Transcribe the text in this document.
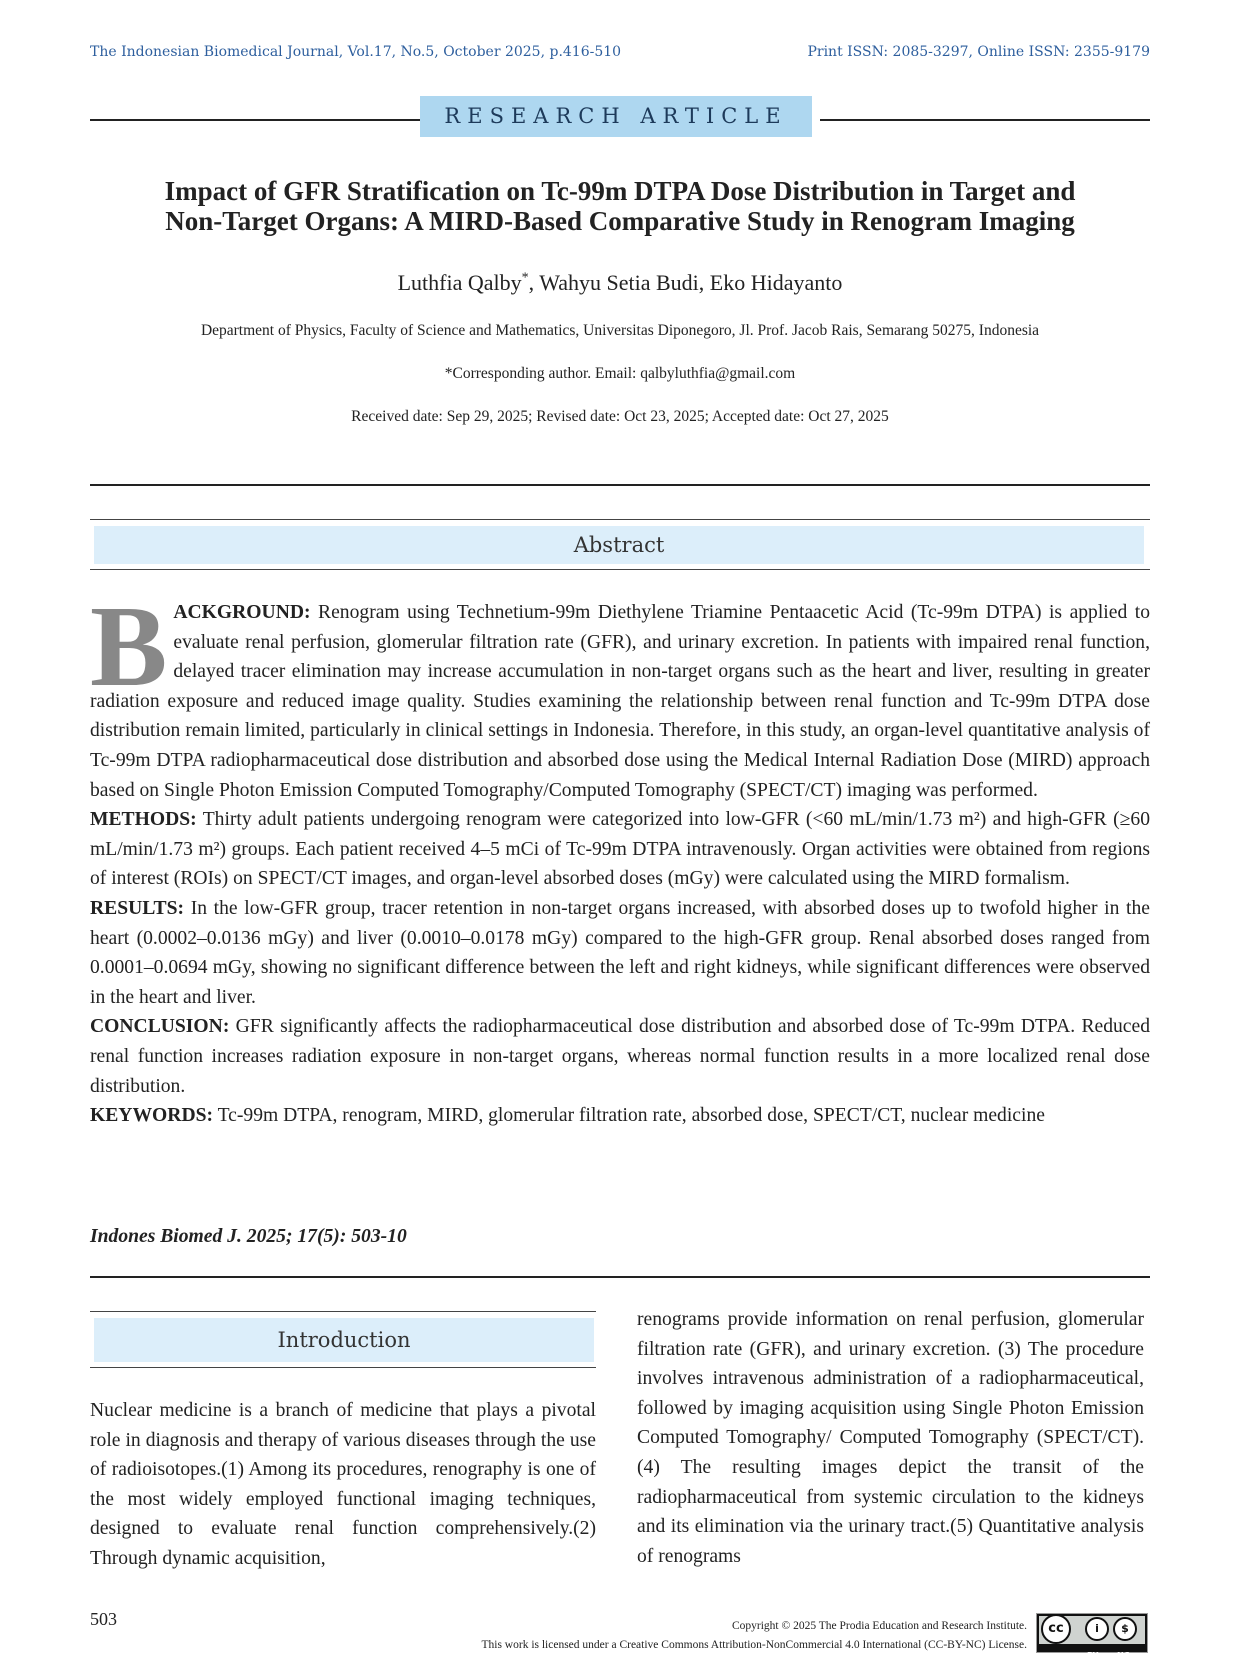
The Indonesian Biomedical Journal, Vol.17, No.5, October 2025, p.416-510	Print ISSN: 2085-3297, Online ISSN: 2355-9179
RESEARCH ARTICLE
Impact of GFR Stratification on Tc-99m DTPA Dose Distribution in Target and
Non-Target Organs: A MIRD-Based Comparative Study in Renogram Imaging
Luthfia Qalby*, Wahyu Setia Budi, Eko Hidayanto
Department of Physics, Faculty of Science and Mathematics, Universitas Diponegoro, Jl. Prof. Jacob Rais, Semarang 50275, Indonesia
*Corresponding author. Email: qalbyluthfia@gmail.com
Received date: Sep 29, 2025; Revised date: Oct 23, 2025; Accepted date: Oct 27, 2025
Abstract

BACKGROUND: Renogram using Technetium-99m Diethylene Triamine Pentaacetic Acid (Tc-99m DTPA) is applied to evaluate renal perfusion, glomerular filtration rate (GFR), and urinary excretion. In patients with impaired renal function, delayed tracer elimination may increase accumulation in non-target organs such as the heart and liver, resulting in greater radiation exposure and reduced image quality. Studies examining the relationship between renal function and Tc-99m DTPA dose distribution remain limited, particularly in clinical settings in Indonesia. Therefore, in this study, an organ-level quantitative analysis of Tc-99m DTPA radiopharmaceutical dose distribution and absorbed dose using the Medical Internal Radiation Dose (MIRD) approach based on Single Photon Emission Computed Tomography/Computed Tomography (SPECT/CT) imaging was performed.

METHODS: Thirty adult patients undergoing renogram were categorized into low-GFR (<60 mL/min/1.73 m²) and high-GFR (≥60 mL/min/1.73 m²) groups. Each patient received 4–5 mCi of Tc-99m DTPA intravenously. Organ activities were obtained from regions of interest (ROIs) on SPECT/CT images, and organ-level absorbed doses (mGy) were calculated using the MIRD formalism.

RESULTS: In the low-GFR group, tracer retention in non-target organs increased, with absorbed doses up to twofold higher in the heart (0.0002–0.0136 mGy) and liver (0.0010–0.0178 mGy) compared to the high-GFR group. Renal absorbed doses ranged from 0.0001–0.0694 mGy, showing no significant difference between the left and right kidneys, while significant differences were observed in the heart and liver.

CONCLUSION: GFR significantly affects the radiopharmaceutical dose distribution and absorbed dose of Tc-99m DTPA. Reduced renal function increases radiation exposure in non-target organs, whereas normal function results in a more localized renal dose distribution.

KEYWORDS: Tc-99m DTPA, renogram, MIRD, glomerular filtration rate, absorbed dose, SPECT/CT, nuclear medicine

Indones Biomed J. 2025; 17(5): 503-10
Introduction
Nuclear medicine is a branch of medicine that plays a pivotal role in diagnosis and therapy of various diseases through the use of radioisotopes.(1) Among its procedures, renography is one of the most widely employed functional imaging techniques, designed to evaluate renal function comprehensively.(2) Through dynamic acquisition,
renograms provide information on renal perfusion, glomerular filtration rate (GFR), and urinary excretion. (3) The procedure involves intravenous administration of a radiopharmaceutical, followed by imaging acquisition using Single Photon Emission Computed Tomography/ Computed Tomography (SPECT/CT).(4) The resulting images depict the transit of the radiopharmaceutical from systemic circulation to the kidneys and its elimination via the urinary tract.(5) Quantitative analysis of renograms
503	Copyright © 2025 The Prodia Education and Research Institute.
This work is licensed under a Creative Commons Attribution-NonCommercial 4.0 International (CC-BY-NC) License.
cc	i	$
BY NC
